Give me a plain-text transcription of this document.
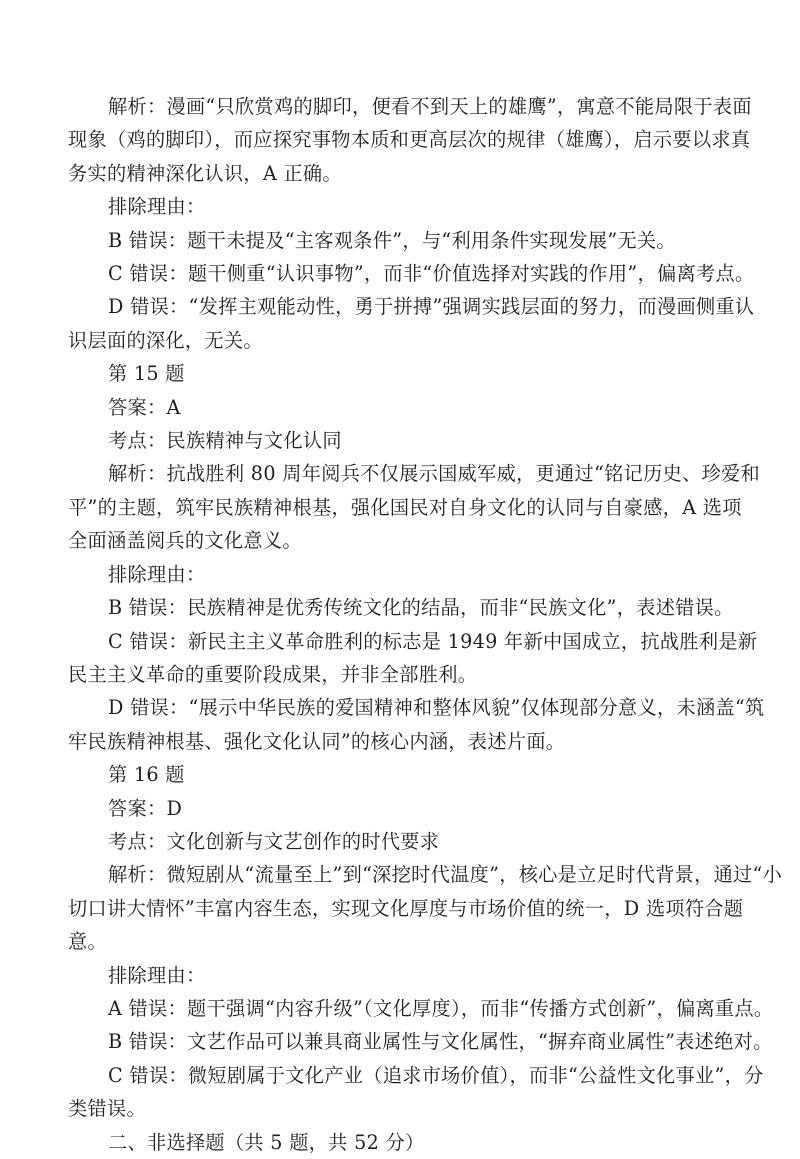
解析：漫画“只欣赏鸡的脚印，便看不到天上的雄鹰”，寓意不能局限于表面
现象（鸡的脚印），而应探究事物本质和更高层次的规律（雄鹰），启示要以求真
务实的精神深化认识，A 正确。
排除理由：
B 错误：题干未提及“主客观条件”，与“利用条件实现发展”无关。
C 错误：题干侧重“认识事物”，而非“价值选择对实践的作用”，偏离考点。
D 错误：“发挥主观能动性，勇于拼搏”强调实践层面的努力，而漫画侧重认
识层面的深化，无关。
第 15 题
答案：A
考点：民族精神与文化认同
解析：抗战胜利 80 周年阅兵不仅展示国威军威，更通过“铭记历史、珍爱和
平”的主题，筑牢民族精神根基，强化国民对自身文化的认同与自豪感，A 选项
全面涵盖阅兵的文化意义。
排除理由：
B 错误：民族精神是优秀传统文化的结晶，而非“民族文化”，表述错误。
C 错误：新民主主义革命胜利的标志是 1949 年新中国成立，抗战胜利是新
民主主义革命的重要阶段成果，并非全部胜利。
D 错误：“展示中华民族的爱国精神和整体风貌”仅体现部分意义，未涵盖“筑
牢民族精神根基、强化文化认同”的核心内涵，表述片面。
第 16 题
答案：D
考点：文化创新与文艺创作的时代要求
解析：微短剧从“流量至上”到“深挖时代温度”，核心是立足时代背景，通过“小
切口讲大情怀”丰富内容生态，实现文化厚度与市场价值的统一，D 选项符合题
意。
排除理由：
A 错误：题干强调“内容升级”（文化厚度），而非“传播方式创新”，偏离重点。
B 错误：文艺作品可以兼具商业属性与文化属性，“摒弃商业属性”表述绝对。
C 错误：微短剧属于文化产业（追求市场价值），而非“公益性文化事业”，分
类错误。
二、非选择题（共 5 题，共 52 分）
